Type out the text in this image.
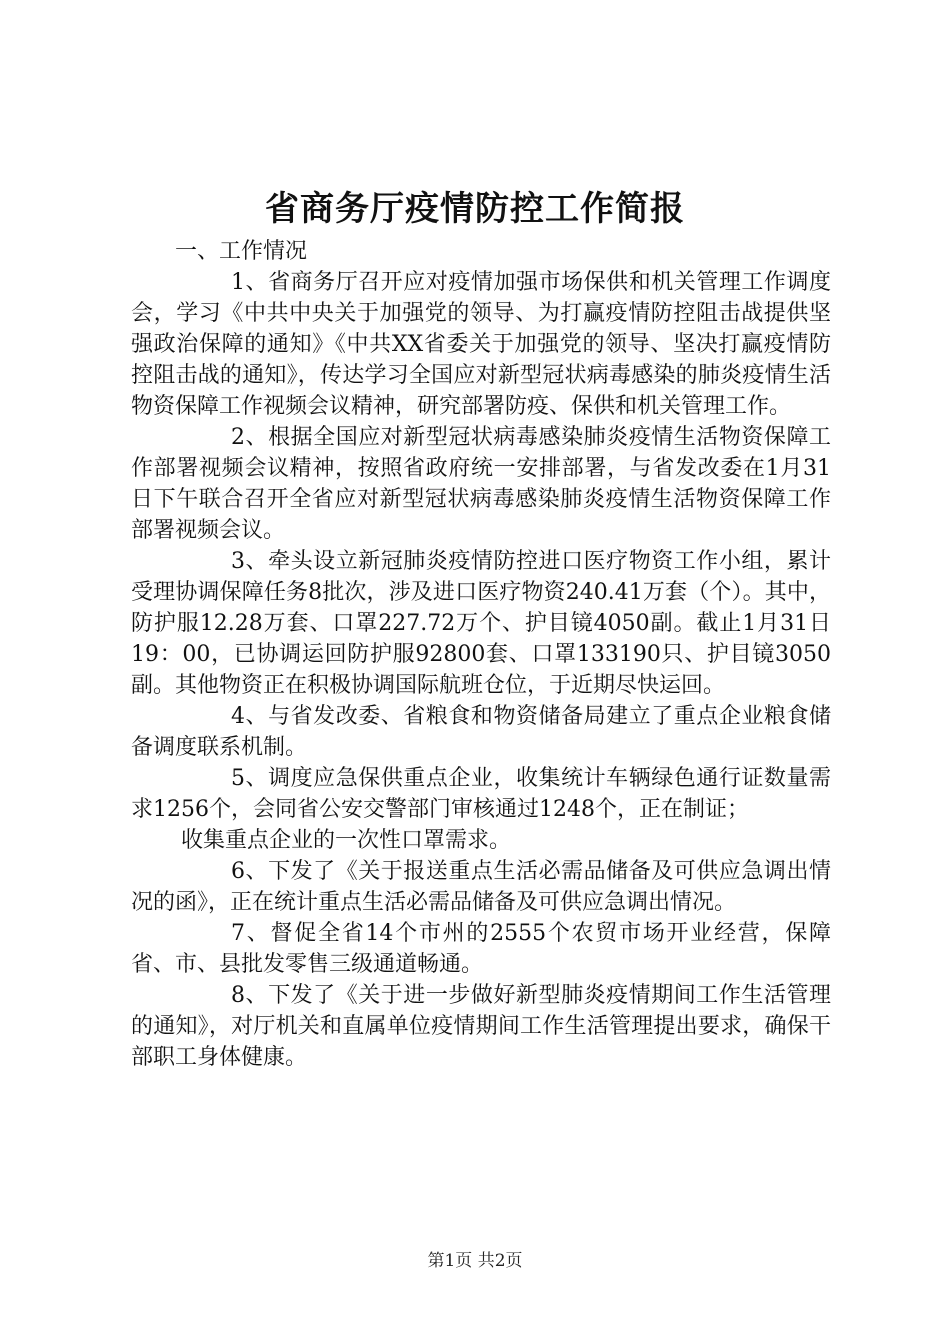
省商务厅疫情防控工作简报

一、工作情况

1、省商务厅召开应对疫情加强市场保供和机关管理工作调度会，学习《中共中央关于加强党的领导、为打赢疫情防控阻击战提供坚强政治保障的通知》《中共XX省委关于加强党的领导、坚决打赢疫情防控阻击战的通知》，传达学习全国应对新型冠状病毒感染的肺炎疫情生活物资保障工作视频会议精神，研究部署防疫、保供和机关管理工作。

2、根据全国应对新型冠状病毒感染肺炎疫情生活物资保障工作部署视频会议精神，按照省政府统一安排部署，与省发改委在1月31日下午联合召开全省应对新型冠状病毒感染肺炎疫情生活物资保障工作部署视频会议。

3、牵头设立新冠肺炎疫情防控进口医疗物资工作小组，累计受理协调保障任务8批次，涉及进口医疗物资240.41万套（个）。其中，防护服12.28万套、口罩227.72万个、护目镜4050副。截止1月31日19：00，已协调运回防护服92800套、口罩133190只、护目镜3050副。其他物资正在积极协调国际航班仓位，于近期尽快运回。

4、与省发改委、省粮食和物资储备局建立了重点企业粮食储备调度联系机制。

5、调度应急保供重点企业，收集统计车辆绿色通行证数量需求1256个，会同省公安交警部门审核通过1248个，正在制证；

收集重点企业的一次性口罩需求。

6、下发了《关于报送重点生活必需品储备及可供应急调出情况的函》，正在统计重点生活必需品储备及可供应急调出情况。

7、督促全省14个市州的2555个农贸市场开业经营，保障省、市、县批发零售三级通道畅通。

8、下发了《关于进一步做好新型肺炎疫情期间工作生活管理的通知》，对厅机关和直属单位疫情期间工作生活管理提出要求，确保干部职工身体健康。

第1页 共2页
